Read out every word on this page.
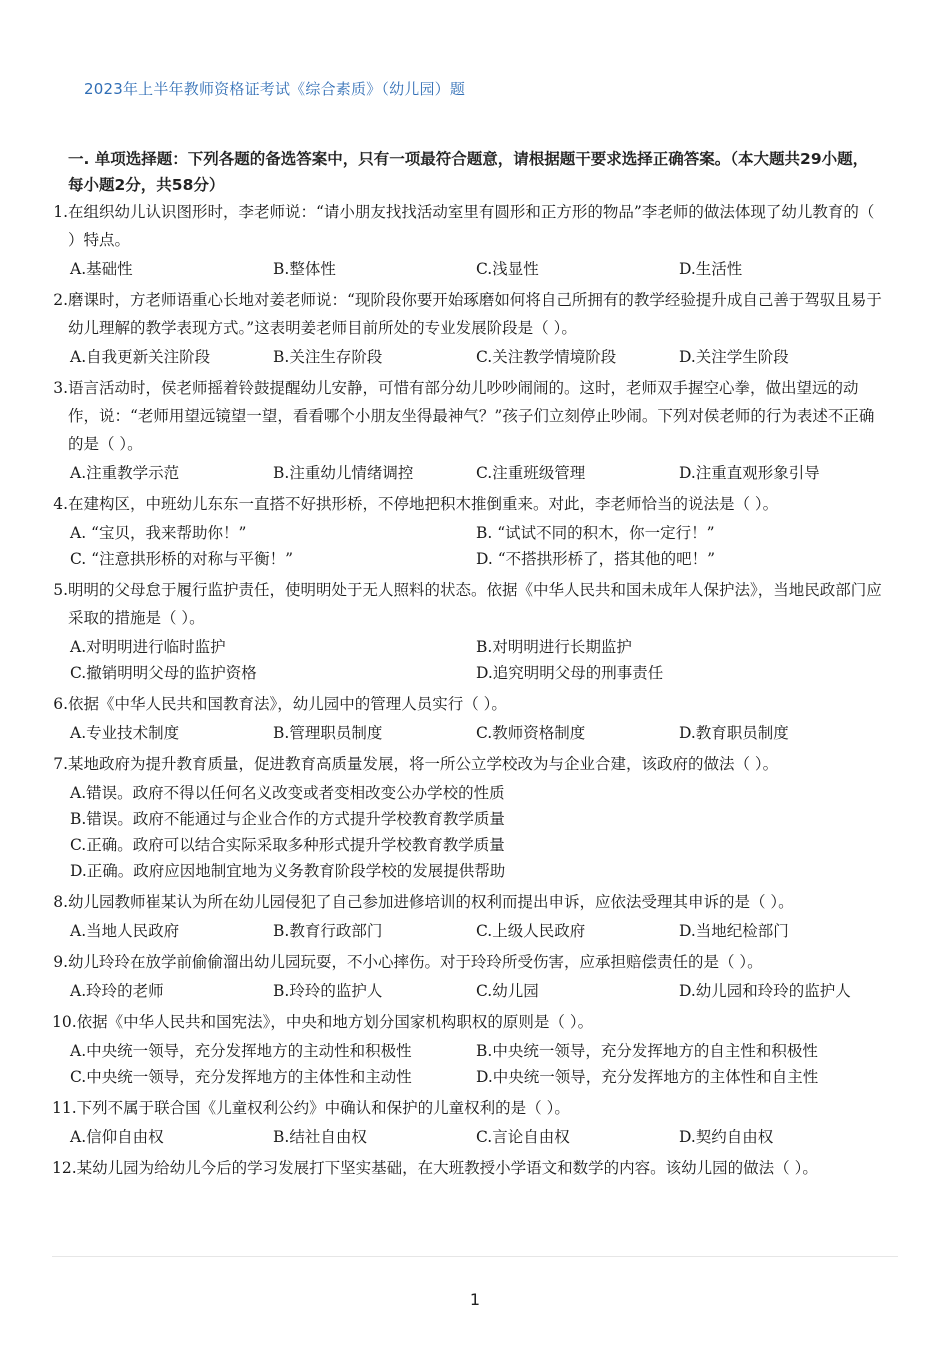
2023年上半年教师资格证考试《综合素质》（幼儿园）题
一. 单项选择题：下列各题的备选答案中，只有一项最符合题意，请根据题干要求选择正确答案。（本大题共29小题，每小题2分，共58分）
1. 在组织幼儿认识图形时，李老师说：“请小朋友找找活动室里有圆形和正方形的物品”李老师的做法体现了幼儿教育的（ ）特点。
A.基础性	B.整体性	C.浅显性	D.生活性
2. 磨课时，方老师语重心长地对姜老师说：“现阶段你要开始琢磨如何将自己所拥有的教学经验提升成自己善于驾驭且易于幼儿理解的教学表现方式。”这表明姜老师目前所处的专业发展阶段是（ ）。
A.自我更新关注阶段	B.关注生存阶段	C.关注教学情境阶段	D.关注学生阶段
3. 语言活动时，侯老师摇着铃鼓提醒幼儿安静，可惜有部分幼儿吵吵闹闹的。这时，老师双手握空心拳，做出望远的动作，说：“老师用望远镜望一望，看看哪个小朋友坐得最神气？”孩子们立刻停止吵闹。下列对侯老师的行为表述不正确的是（ ）。
A.注重教学示范	B.注重幼儿情绪调控	C.注重班级管理	D.注重直观形象引导
4. 在建构区，中班幼儿东东一直搭不好拱形桥，不停地把积木推倒重来。对此，李老师恰当的说法是（ ）。
A. “宝贝，我来帮助你！”	B. “试试不同的积木，你一定行！”
C. “注意拱形桥的对称与平衡！”	D. “不搭拱形桥了，搭其他的吧！”
5. 明明的父母怠于履行监护责任，使明明处于无人照料的状态。依据《中华人民共和国未成年人保护法》，当地民政部门应采取的措施是（ ）。
A.对明明进行临时监护	B.对明明进行长期监护
C.撤销明明父母的监护资格	D.追究明明父母的刑事责任
6. 依据《中华人民共和国教育法》，幼儿园中的管理人员实行（ ）。
A.专业技术制度	B.管理职员制度	C.教师资格制度	D.教育职员制度
7. 某地政府为提升教育质量，促进教育高质量发展，将一所公立学校改为与企业合建，该政府的做法（ ）。
A.错误。政府不得以任何名义改变或者变相改变公办学校的性质
B.错误。政府不能通过与企业合作的方式提升学校教育教学质量
C.正确。政府可以结合实际采取多种形式提升学校教育教学质量
D.正确。政府应因地制宜地为义务教育阶段学校的发展提供帮助
8. 幼儿园教师崔某认为所在幼儿园侵犯了自己参加进修培训的权利而提出申诉，应依法受理其申诉的是（ ）。
A.当地人民政府	B.教育行政部门	C.上级人民政府	D.当地纪检部门
9. 幼儿玲玲在放学前偷偷溜出幼儿园玩耍，不小心摔伤。对于玲玲所受伤害，应承担赔偿责任的是（ ）。
A.玲玲的老师	B.玲玲的监护人	C.幼儿园	D.幼儿园和玲玲的监护人
10. 依据《中华人民共和国宪法》，中央和地方划分国家机构职权的原则是（ ）。
A.中央统一领导，充分发挥地方的主动性和积极性	B.中央统一领导，充分发挥地方的自主性和积极性
C.中央统一领导，充分发挥地方的主体性和主动性	D.中央统一领导，充分发挥地方的主体性和自主性
11. 下列不属于联合国《儿童权利公约》中确认和保护的儿童权利的是（ ）。
A.信仰自由权	B.结社自由权	C.言论自由权	D.契约自由权
12. 某幼儿园为给幼儿今后的学习发展打下坚实基础，在大班教授小学语文和数学的内容。该幼儿园的做法（ ）。
1
